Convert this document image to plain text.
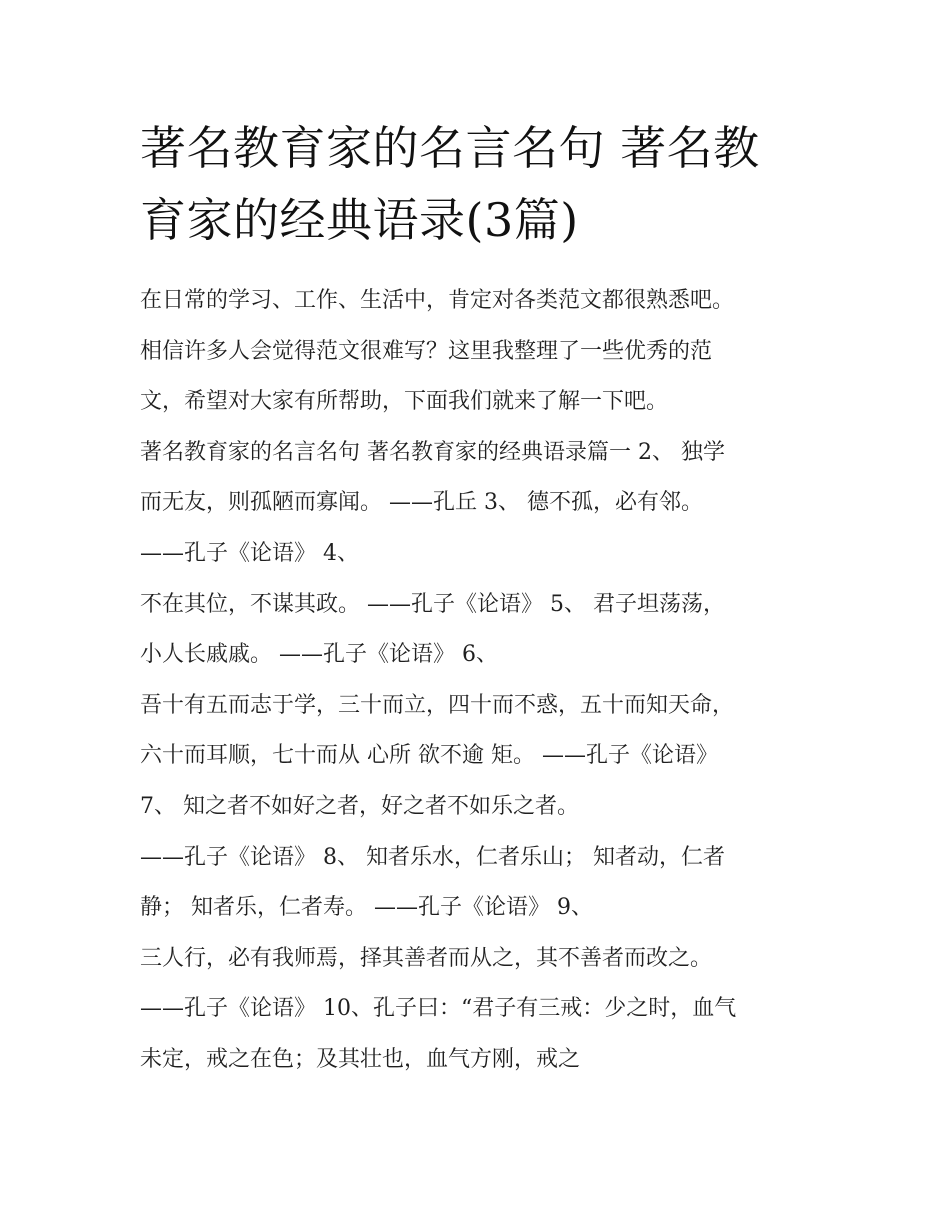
著名教育家的名言名句 著名教
育家的经典语录(3篇)
在日常的学习、工作、生活中，肯定对各类范文都很熟悉吧。
相信许多人会觉得范文很难写？这里我整理了一些优秀的范
文，希望对大家有所帮助，下面我们就来了解一下吧。
著名教育家的名言名句 著名教育家的经典语录篇一 2、 独学
而无友，则孤陋而寡闻。 ——孔丘 3、 德不孤，必有邻。
——孔子《论语》 4、
不在其位，不谋其政。 ——孔子《论语》 5、 君子坦荡荡，
小人长戚戚。 ——孔子《论语》 6、
吾十有五而志于学，三十而立，四十而不惑，五十而知天命，
六十而耳顺，七十而从 心所 欲不逾 矩。 ——孔子《论语》
7、 知之者不如好之者，好之者不如乐之者。
——孔子《论语》 8、 知者乐水，仁者乐山； 知者动，仁者
静； 知者乐，仁者寿。 ——孔子《论语》 9、
三人行，必有我师焉，择其善者而从之，其不善者而改之。
——孔子《论语》 10、孔子曰：“君子有三戒：少之时，血气
未定，戒之在色；及其壮也，血气方刚，戒之
